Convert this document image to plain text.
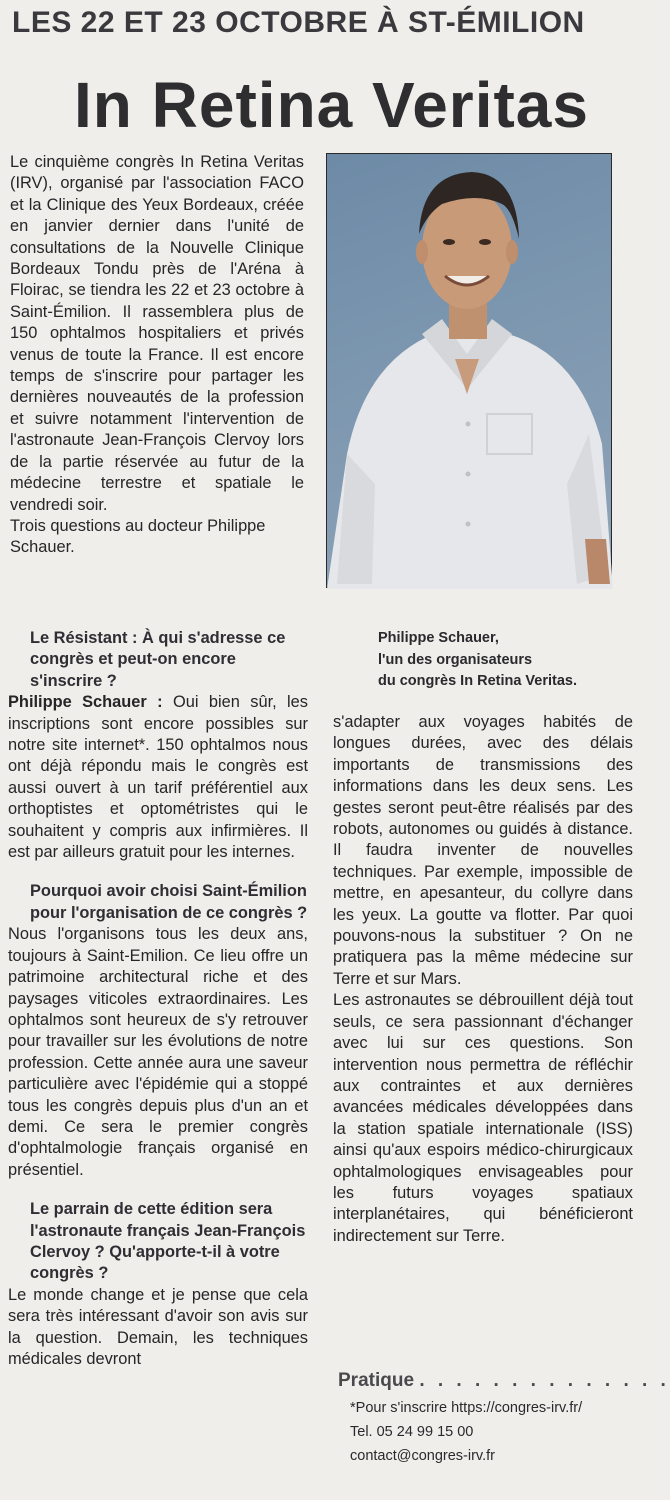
LES 22 ET 23 OCTOBRE À ST-ÉMILION
In Retina Veritas

Le cinquième congrès In Retina Veritas (IRV), organisé par l'association FACO et la Clinique des Yeux Bordeaux, créée en janvier dernier dans l'unité de consultations de la Nouvelle Clinique Bordeaux Tondu près de l'Aréna à Floirac, se tiendra les 22 et 23 octobre à Saint-Émilion. Il rassemblera plus de 150 ophtalmos hospitaliers et privés venus de toute la France. Il est encore temps de s'inscrire pour partager les dernières nouveautés de la profession et suivre notamment l'intervention de l'astronaute Jean-François Clervoy lors de la partie réservée au futur de la médecine terrestre et spatiale le vendredi soir.

Trois questions au docteur Philippe Schauer.

Philippe Schauer,
l'un des organisateurs
du congrès In Retina Veritas.

Le Résistant : À qui s'adresse ce congrès et peut-on encore s'inscrire ?

Philippe Schauer : Oui bien sûr, les inscriptions sont encore possibles sur notre site internet*. 150 ophtalmos nous ont déjà répondu mais le congrès est aussi ouvert à un tarif préférentiel aux orthoptistes et optométristes qui le souhaitent y compris aux infirmières. Il est par ailleurs gratuit pour les internes.

Pourquoi avoir choisi Saint-Émilion pour l'organisation de ce congrès ?

Nous l'organisons tous les deux ans, toujours à Saint-Emilion. Ce lieu offre un patrimoine architectural riche et des paysages viticoles extraordinaires. Les ophtalmos sont heureux de s'y retrouver pour travailler sur les évolutions de notre profession. Cette année aura une saveur particulière avec l'épidémie qui a stoppé tous les congrès depuis plus d'un an et demi. Ce sera le premier congrès d'ophtalmologie français organisé en présentiel.

Le parrain de cette édition sera l'astronaute français Jean-François Clervoy ? Qu'apporte-t-il à votre congrès ?

Le monde change et je pense que cela sera très intéressant d'avoir son avis sur la question. Demain, les techniques médicales devront

s'adapter aux voyages habités de longues durées, avec des délais importants de transmissions des informations dans les deux sens. Les gestes seront peut-être réalisés par des robots, autonomes ou guidés à distance. Il faudra inventer de nouvelles techniques. Par exemple, impossible de mettre, en apesanteur, du collyre dans les yeux. La goutte va flotter. Par quoi pouvons-nous la substituer ? On ne pratiquera pas la même médecine sur Terre et sur Mars.

Les astronautes se débrouillent déjà tout seuls, ce sera passionnant d'échanger avec lui sur ces questions. Son intervention nous permettra de réfléchir aux contraintes et aux dernières avancées médicales développées dans la station spatiale internationale (ISS) ainsi qu'aux espoirs médico-chirurgicaux ophtalmologiques envisageables pour les futurs voyages spatiaux interplanétaires, qui bénéficieront indirectement sur Terre.

Pratique . . . . . . . . . . . . . .
*Pour s'inscrire https://congres-irv.fr/
Tel. 05 24 99 15 00
contact@congres-irv.fr
